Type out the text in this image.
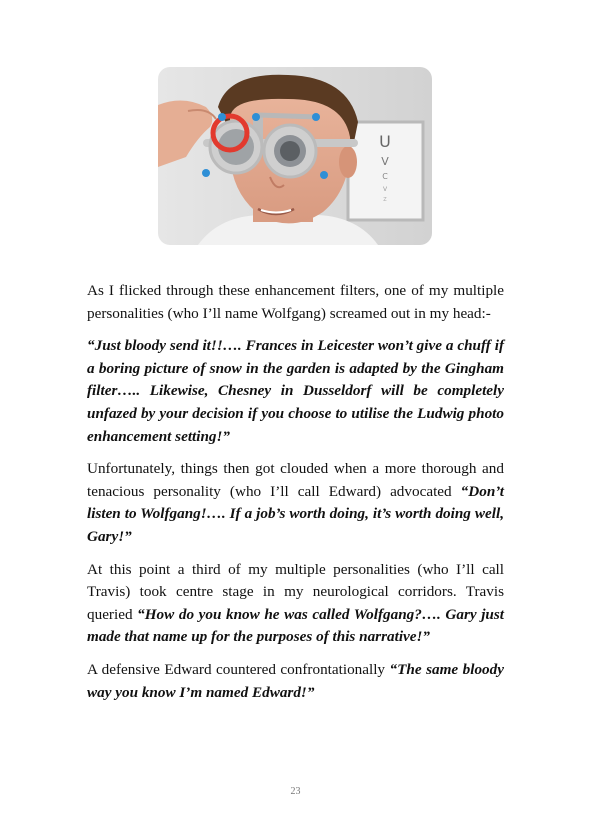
U
V
C
V
Z

As I flicked through these enhancement filters, one of my multiple personalities (who I’ll name Wolfgang) screamed out in my head:-

“Just bloody send it!!…. Frances in Leicester won’t give a chuff if a boring picture of snow in the garden is adapted by the Gingham filter….. Likewise, Chesney in Dusseldorf will be completely unfazed by your decision if you choose to utilise the Ludwig photo enhancement setting!”

Unfortunately, things then got clouded when a more thorough and tenacious personality (who I’ll call Edward) advocated “Don’t listen to Wolfgang!…. If a job’s worth doing, it’s worth doing well, Gary!”

At this point a third of my multiple personalities (who I’ll call Travis) took centre stage in my neurological corridors. Travis queried “How do you know he was called Wolfgang?…. Gary just made that name up for the purposes of this narrative!”

A defensive Edward countered confrontationally “The same bloody way you know I’m named Edward!”

23
